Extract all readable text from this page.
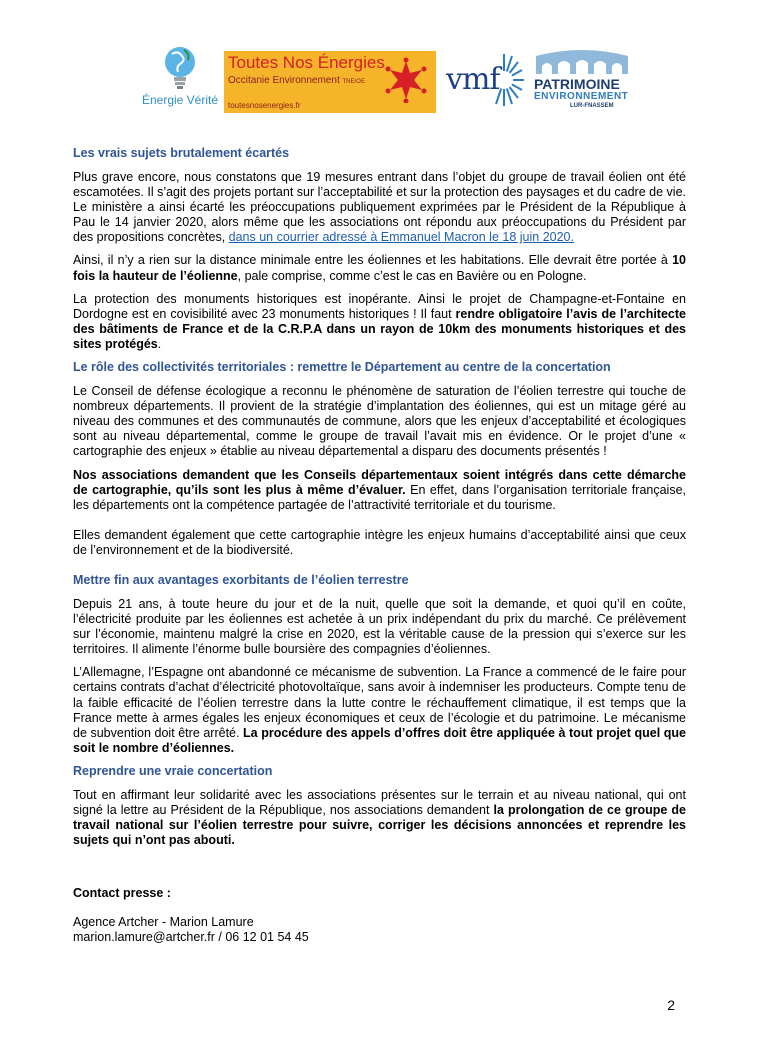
Énergie Vérité
Toutes Nos Énergies
Occitanie Environnement TNE/OE
toutesnosenergies.fr
vmf PATRIMOINE
ENVIRONNEMENT
LUR-FNASSEM
Les vrais sujets brutalement écartés

Plus grave encore, nous constatons que 19 mesures entrant dans l’objet du groupe de travail éolien ont été escamotées. Il s’agit des projets portant sur l’acceptabilité et sur la protection des paysages et du cadre de vie. Le ministère a ainsi écarté les préoccupations publiquement exprimées par le Président de la République à Pau le 14 janvier 2020, alors même que les associations ont répondu aux préoccupations du Président par des propositions concrètes, dans un courrier adressé à Emmanuel Macron le 18 juin 2020.

Ainsi, il n’y a rien sur la distance minimale entre les éoliennes et les habitations. Elle devrait être portée à 10 fois la hauteur de l’éolienne, pale comprise, comme c’est le cas en Bavière ou en Pologne.

La protection des monuments historiques est inopérante. Ainsi le projet de Champagne-et-Fontaine en Dordogne est en covisibilité avec 23 monuments historiques ! Il faut rendre obligatoire l’avis de l’architecte des bâtiments de France et de la C.R.P.A dans un rayon de 10km des monuments historiques et des sites protégés.

Le rôle des collectivités territoriales : remettre le Département au centre de la concertation

Le Conseil de défense écologique a reconnu le phénomène de saturation de l’éolien terrestre qui touche de nombreux départements. Il provient de la stratégie d’implantation des éoliennes, qui est un mitage géré au niveau des communes et des communautés de commune, alors que les enjeux d’acceptabilité et écologiques sont au niveau départemental, comme le groupe de travail l’avait mis en évidence. Or le projet d’une « cartographie des enjeux » établie au niveau départemental a disparu des documents présentés !

Nos associations demandent que les Conseils départementaux soient intégrés dans cette démarche de cartographie, qu’ils sont les plus à même d’évaluer. En effet, dans l’organisation territoriale française, les départements ont la compétence partagée de l’attractivité territoriale et du tourisme.

Elles demandent également que cette cartographie intègre les enjeux humains d’acceptabilité ainsi que ceux de l’environnement et de la biodiversité.

Mettre fin aux avantages exorbitants de l’éolien terrestre

Depuis 21 ans, à toute heure du jour et de la nuit, quelle que soit la demande, et quoi qu’il en coûte, l’électricité produite par les éoliennes est achetée à un prix indépendant du prix du marché. Ce prélèvement sur l’économie, maintenu malgré la crise en 2020, est la véritable cause de la pression qui s’exerce sur les territoires. Il alimente l’énorme bulle boursière des compagnies d’éoliennes.

L’Allemagne, l’Espagne ont abandonné ce mécanisme de subvention. La France a commencé de le faire pour certains contrats d’achat d’électricité photovoltaïque, sans avoir à indemniser les producteurs. Compte tenu de la faible efficacité de l’éolien terrestre dans la lutte contre le réchauffement climatique, il est temps que la France mette à armes égales les enjeux économiques et ceux de l’écologie et du patrimoine. Le mécanisme de subvention doit être arrêté. La procédure des appels d’offres doit être appliquée à tout projet quel que soit le nombre d’éoliennes.

Reprendre une vraie concertation

Tout en affirmant leur solidarité avec les associations présentes sur le terrain et au niveau national, qui ont signé la lettre au Président de la République, nos associations demandent la prolongation de ce groupe de travail national sur l’éolien terrestre pour suivre, corriger les décisions annoncées et reprendre les sujets qui n’ont pas abouti.

Contact presse :

Agence Artcher - Marion Lamure

marion.lamure@artcher.fr / 06 12 01 54 45

2
